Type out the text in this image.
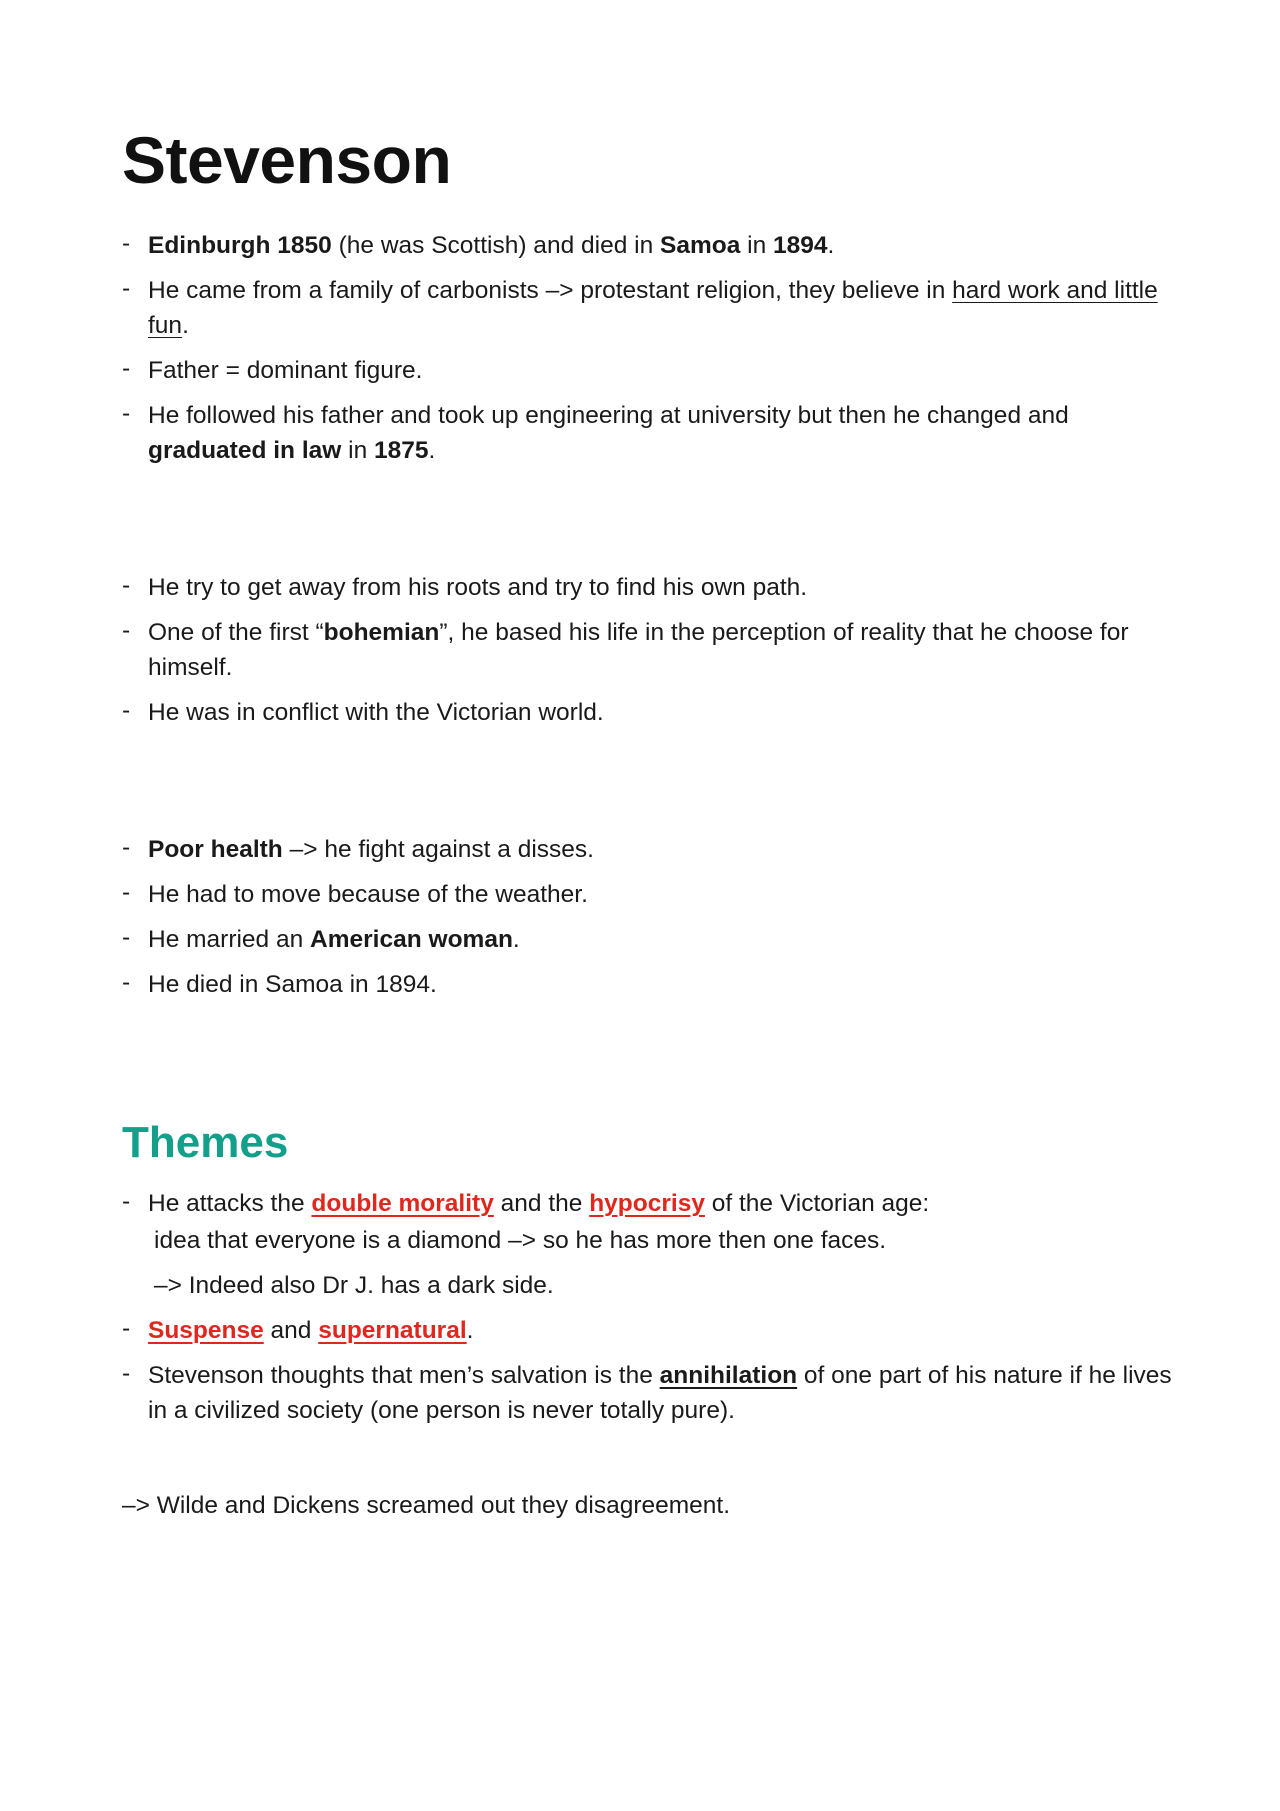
Stevenson
- Edinburgh 1850 (he was Scottish) and died in Samoa in 1894.
- He came from a family of carbonists –> protestant religion, they believe in hard work and little fun.
- Father = dominant figure.
- He followed his father and took up engineering at university but then he changed and graduated in law in 1875.
- He try to get away from his roots and try to find his own path.
- One of the first “bohemian”, he based his life in the perception of reality that he choose for himself.
- He was in conflict with the Victorian world.
- Poor health –> he fight against a disses.
- He had to move because of the weather.
- He married an American woman.
- He died in Samoa in 1894.
Themes
- He attacks the double morality and the hypocrisy of the Victorian age:
idea that everyone is a diamond –> so he has more then one faces.
–> Indeed also Dr J. has a dark side.
- Suspense and supernatural.
- Stevenson thoughts that men’s salvation is the annihilation of one part of his nature if he lives in a civilized society (one person is never totally pure).

–> Wilde and Dickens screamed out they disagreement.
